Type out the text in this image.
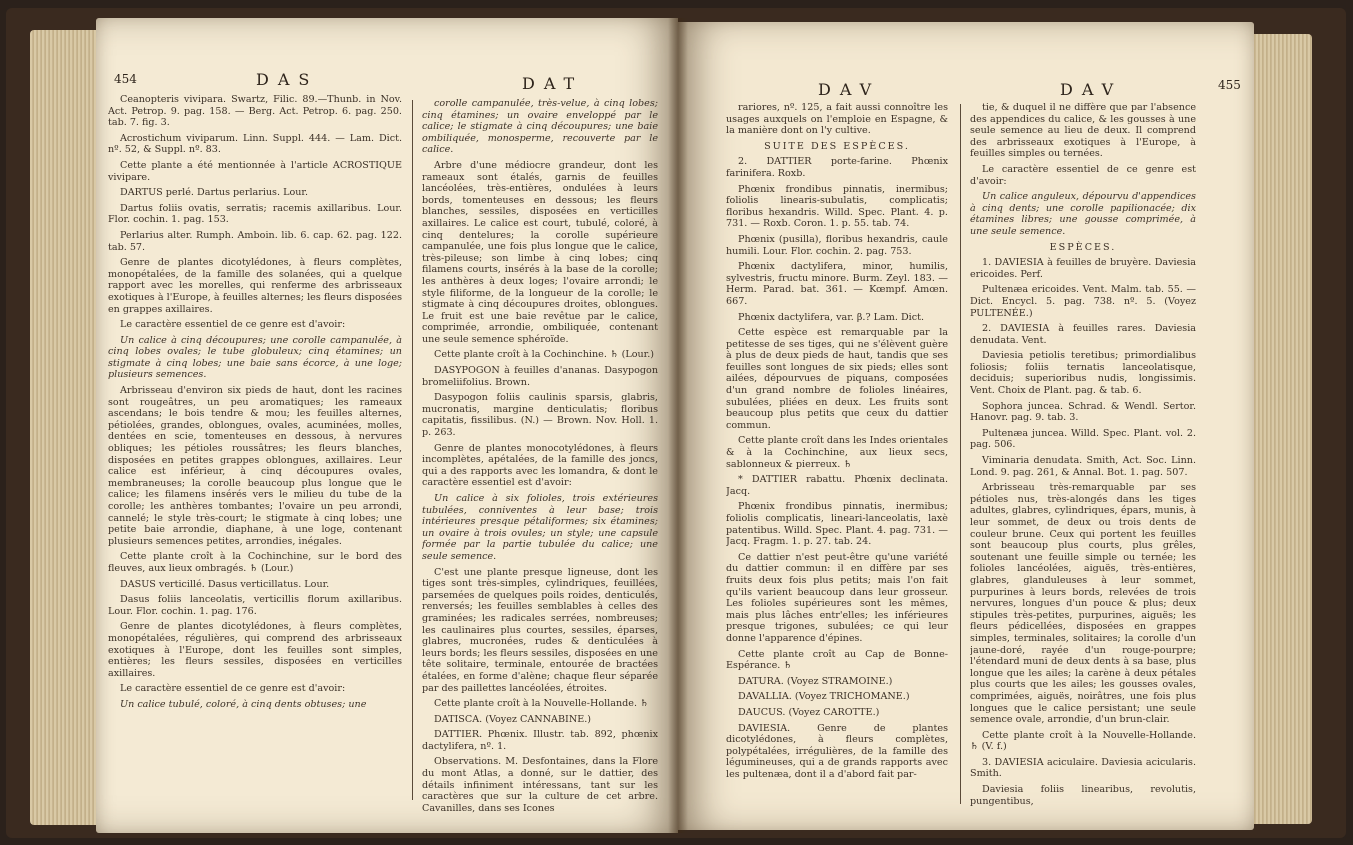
454	DAS	DAT

Ceanopteris vivipara. Swartz, Filic. 89.—Thunb. in Nov. Act. Petrop. 9. pag. 158. — Berg. Act. Petrop. 6. pag. 250. tab. 7. fig. 3.

Acrostichum viviparum. Linn. Suppl. 444. — Lam. Dict. nº. 52, & Suppl. nº. 83.

Cette plante a été mentionnée à l'article ACROSTIQUE vivipare.

DARTUS perlé. Dartus perlarius. Lour.

Dartus foliis ovatis, serratis; racemis axillaribus. Lour. Flor. cochin. 1. pag. 153.

Perlarius alter. Rumph. Amboin. lib. 6. cap. 62. pag. 122. tab. 57.

Genre de plantes dicotylédones, à fleurs complètes, monopétalées, de la famille des solanées, qui a quelque rapport avec les morelles, qui renferme des arbrisseaux exotiques à l'Europe, à feuilles alternes; les fleurs disposées en grappes axillaires.

Le caractère essentiel de ce genre est d'avoir:

Un calice à cinq découpures; une corolle campanulée, à cinq lobes ovales; le tube globuleux; cinq étamines; un stigmate à cinq lobes; une baie sans écorce, à une loge; plusieurs semences.

Arbrisseau d'environ six pieds de haut, dont les racines sont rougeâtres, un peu aromatiques; les rameaux ascendans; le bois tendre & mou; les feuilles alternes, pétiolées, grandes, oblongues, ovales, acuminées, molles, dentées en scie, tomenteuses en dessous, à nervures obliques; les pétioles roussâtres; les fleurs blanches, disposées en petites grappes oblongues, axillaires. Leur calice est inférieur, à cinq découpures ovales, membraneuses; la corolle beaucoup plus longue que le calice; les filamens insérés vers le milieu du tube de la corolle; les anthères tombantes; l'ovaire un peu arrondi, cannelé; le style très-court; le stigmate à cinq lobes; une petite baie arrondie, diaphane, à une loge, contenant plusieurs semences petites, arrondies, inégales.

Cette plante croît à la Cochinchine, sur le bord des fleuves, aux lieux ombragés. ♄ (Lour.)

DASUS verticillé. Dasus verticillatus. Lour.

Dasus foliis lanceolatis, verticillis florum axillaribus. Lour. Flor. cochin. 1. pag. 176.

Genre de plantes dicotylédones, à fleurs complètes, monopétalées, régulières, qui comprend des arbrisseaux exotiques à l'Europe, dont les feuilles sont simples, entières; les fleurs sessiles, disposées en verticilles axillaires.

Le caractère essentiel de ce genre est d'avoir:

Un calice tubulé, coloré, à cinq dents obtuses; une

corolle campanulée, très-velue, à cinq lobes; cinq étamines; un ovaire enveloppé par le calice; le stigmate à cinq découpures; une baie ombiliquée, monosperme, recouverte par le calice.

Arbre d'une médiocre grandeur, dont les rameaux sont étalés, garnis de feuilles lancéolées, très-entières, ondulées à leurs bords, tomenteuses en dessous; les fleurs blanches, sessiles, disposées en verticilles axillaires. Le calice est court, tubulé, coloré, à cinq dentelures; la corolle supérieure campanulée, une fois plus longue que le calice, très-pileuse; son limbe à cinq lobes; cinq filamens courts, insérés à la base de la corolle; les anthères à deux loges; l'ovaire arrondi; le style filiforme, de la longueur de la corolle; le stigmate à cinq découpures droites, oblongues. Le fruit est une baie revêtue par le calice, comprimée, arrondie, ombiliquée, contenant une seule semence sphéroïde.

Cette plante croît à la Cochinchine. ♄ (Lour.)

DASYPOGON à feuilles d'ananas. Dasypogon bromeliifolius. Brown.

Dasypogon foliis caulinis sparsis, glabris, mucronatis, margine denticulatis; floribus capitatis, fissilibus. (N.) — Brown. Nov. Holl. 1. p. 263.

Genre de plantes monocotylédones, à fleurs incomplètes, apétalées, de la famille des joncs, qui a des rapports avec les lomandra, & dont le caractère essentiel est d'avoir:

Un calice à six folioles, trois extérieures tubulées, conniventes à leur base; trois intérieures presque pétaliformes; six étamines; un ovaire à trois ovules; un style; une capsule formée par la partie tubulée du calice; une seule semence.

C'est une plante presque ligneuse, dont les tiges sont très-simples, cylindriques, feuillées, parsemées de quelques poils roides, denticulés, renversés; les feuilles semblables à celles des graminées; les radicales serrées, nombreuses; les caulinaires plus courtes, sessiles, éparses, glabres, mucronées, rudes & denticulées à leurs bords; les fleurs sessiles, disposées en une tête solitaire, terminale, entourée de bractées étalées, en forme d'alène; chaque fleur séparée par des paillettes lancéolées, étroites.

Cette plante croît à la Nouvelle-Hollande. ♄

DATISCA. (Voyez CANNABINE.)

DATTIER. Phœnix. Illustr. tab. 892, phœnix dactylifera, nº. 1.

Observations. M. Desfontaines, dans la Flore du mont Atlas, a donné, sur le dattier, des détails infiniment intéressans, tant sur les caractères que sur la culture de cet arbre. Cavanilles, dans ses Icones

DAV	DAV	455

rariores, nº. 125, a fait aussi connoître les usages auxquels on l'emploie en Espagne, & la manière dont on l'y cultive.

SUITE DES ESPÈCES.

2. DATTIER porte-farine. Phœnix farinifera. Roxb.

Phœnix frondibus pinnatis, inermibus; foliolis linearis-subulatis, complicatis; floribus hexandris. Willd. Spec. Plant. 4. p. 731. — Roxb. Coron. 1. p. 55. tab. 74.

Phœnix (pusilla), floribus hexandris, caule humili. Lour. Flor. cochin. 2. pag. 753.

Phœnix dactylifera, minor, humilis, sylvestris, fructu minore. Burm. Zeyl. 183. — Herm. Parad. bat. 361. — Kœmpf. Amœn. 667.

Phœnix dactylifera, var. β.? Lam. Dict.

Cette espèce est remarquable par la petitesse de ses tiges, qui ne s'élèvent guère à plus de deux pieds de haut, tandis que ses feuilles sont longues de six pieds; elles sont ailées, dépourvues de piquans, composées d'un grand nombre de folioles linéaires, subulées, pliées en deux. Les fruits sont beaucoup plus petits que ceux du dattier commun.

Cette plante croît dans les Indes orientales & à la Cochinchine, aux lieux secs, sablonneux & pierreux. ♄

* DATTIER rabattu. Phœnix declinata. Jacq.

Phœnix frondibus pinnatis, inermibus; foliolis complicatis, lineari-lanceolatis, laxè patentibus. Willd. Spec. Plant. 4. pag. 731. — Jacq. Fragm. 1. p. 27. tab. 24.

Ce dattier n'est peut-être qu'une variété du dattier commun: il en diffère par ses fruits deux fois plus petits; mais l'on fait qu'ils varient beaucoup dans leur grosseur. Les folioles supérieures sont les mêmes, mais plus lâches entr'elles; les inférieures presque trigones, subulées; ce qui leur donne l'apparence d'épines.

Cette plante croît au Cap de Bonne-Espérance. ♄

DATURA. (Voyez STRAMOINE.)

DAVALLIA. (Voyez TRICHOMANE.)

DAUCUS. (Voyez CAROTTE.)

DAVIESIA. Genre de plantes dicotylédones, à fleurs complètes, polypétalées, irrégulières, de la famille des légumineuses, qui a de grands rapports avec les pultenæa, dont il a d'abord fait par-

tie, & duquel il ne diffère que par l'absence des appendices du calice, & les gousses à une seule semence au lieu de deux. Il comprend des arbrisseaux exotiques à l'Europe, à feuilles simples ou ternées.

Le caractère essentiel de ce genre est d'avoir:

Un calice anguleux, dépourvu d'appendices à cinq dents; une corolle papilionacée; dix étamines libres; une gousse comprimée, à une seule semence.

ESPÈCES.

1. DAVIESIA à feuilles de bruyère. Daviesia ericoides. Perf.

Pultenæa ericoides. Vent. Malm. tab. 55. — Dict. Encycl. 5. pag. 738. nº. 5. (Voyez PULTENÉE.)

2. DAVIESIA à feuilles rares. Daviesia denudata. Vent.

Daviesia petiolis teretibus; primordialibus foliosis; foliis ternatis lanceolatisque, deciduis; superioribus nudis, longissimis. Vent. Choix de Plant. pag. & tab. 6.

Sophora juncea. Schrad. & Wendl. Sertor. Hanovr. pag. 9. tab. 3.

Pultenæa juncea. Willd. Spec. Plant. vol. 2. pag. 506.

Viminaria denudata. Smith, Act. Soc. Linn. Lond. 9. pag. 261, & Annal. Bot. 1. pag. 507.

Arbrisseau très-remarquable par ses pétioles nus, très-alongés dans les tiges adultes, glabres, cylindriques, épars, munis, à leur sommet, de deux ou trois dents de couleur brune. Ceux qui portent les feuilles sont beaucoup plus courts, plus grêles, soutenant une feuille simple ou ternée; les folioles lancéolées, aiguës, très-entières, glabres, glanduleuses à leur sommet, purpurines à leurs bords, relevées de trois nervures, longues d'un pouce & plus; deux stipules très-petites, purpurines, aiguës; les fleurs pédicellées, disposées en grappes simples, terminales, solitaires; la corolle d'un jaune-doré, rayée d'un rouge-pourpre; l'étendard muni de deux dents à sa base, plus longue que les ailes; la carène à deux pétales plus courts que les ailes; les gousses ovales, comprimées, aiguës, noirâtres, une fois plus longues que le calice persistant; une seule semence ovale, arrondie, d'un brun-clair.

Cette plante croît à la Nouvelle-Hollande. ♄ (V. f.)

3. DAVIESIA aciculaire. Daviesia acicularis. Smith.

Daviesia foliis linearibus, revolutis, pungentibus,
